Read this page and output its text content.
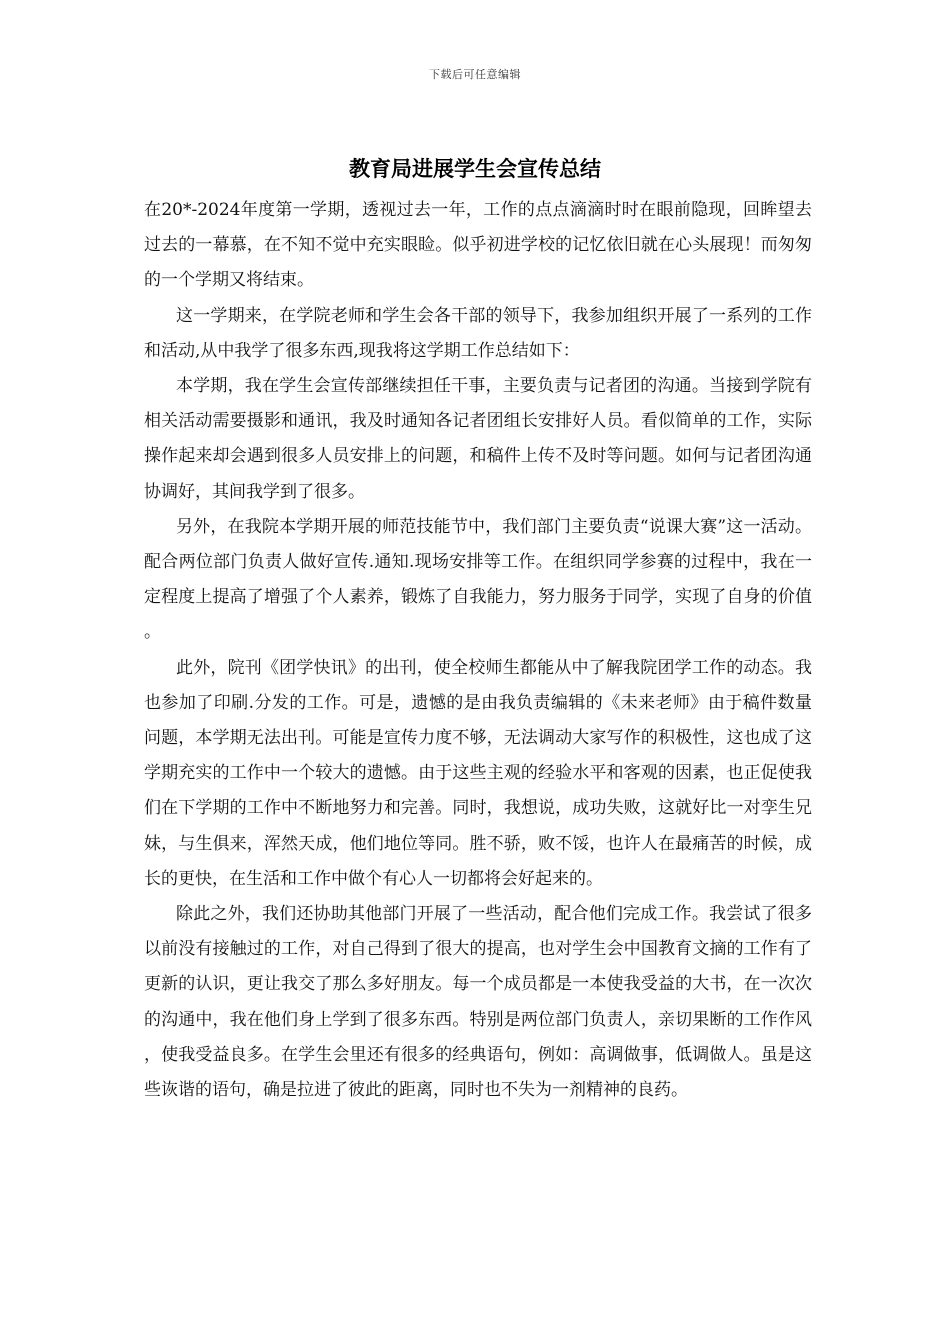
下载后可任意编辑
教育局进展学生会宣传总结

在20*-2024年度第一学期，透视过去一年，工作的点点滴滴时时在眼前隐现，回眸望去过去的一幕慕，在不知不觉中充实眼睑。似乎初进学校的记忆依旧就在心头展现！而匆匆的一个学期又将结束。

这一学期来，在学院老师和学生会各干部的领导下，我参加组织开展了一系列的工作和活动,从中我学了很多东西,现我将这学期工作总结如下：

本学期，我在学生会宣传部继续担任干事，主要负责与记者团的沟通。当接到学院有相关活动需要摄影和通讯，我及时通知各记者团组长安排好人员。看似简单的工作，实际操作起来却会遇到很多人员安排上的问题，和稿件上传不及时等问题。如何与记者团沟通协调好，其间我学到了很多。

另外，在我院本学期开展的师范技能节中，我们部门主要负责“说课大赛”这一活动。配合两位部门负责人做好宣传.通知.现场安排等工作。在组织同学参赛的过程中，我在一定程度上提高了增强了个人素养，锻炼了自我能力，努力服务于同学，实现了自身的价值。

此外，院刊《团学快讯》的出刊，使全校师生都能从中了解我院团学工作的动态。我也参加了印刷.分发的工作。可是，遗憾的是由我负责编辑的《未来老师》由于稿件数量问题，本学期无法出刊。可能是宣传力度不够，无法调动大家写作的积极性，这也成了这学期充实的工作中一个较大的遗憾。由于这些主观的经验水平和客观的因素，也正促使我们在下学期的工作中不断地努力和完善。同时，我想说，成功失败，这就好比一对孪生兄妹，与生俱来，浑然天成，他们地位等同。胜不骄，败不馁，也许人在最痛苦的时候，成长的更快，在生活和工作中做个有心人一切都将会好起来的。

除此之外，我们还协助其他部门开展了一些活动，配合他们完成工作。我尝试了很多以前没有接触过的工作，对自己得到了很大的提高，也对学生会中国教育文摘的工作有了更新的认识，更让我交了那么多好朋友。每一个成员都是一本使我受益的大书，在一次次的沟通中，我在他们身上学到了很多东西。特别是两位部门负责人，亲切果断的工作作风，使我受益良多。在学生会里还有很多的经典语句，例如：高调做事，低调做人。虽是这些诙谐的语句，确是拉进了彼此的距离，同时也不失为一剂精神的良药。
